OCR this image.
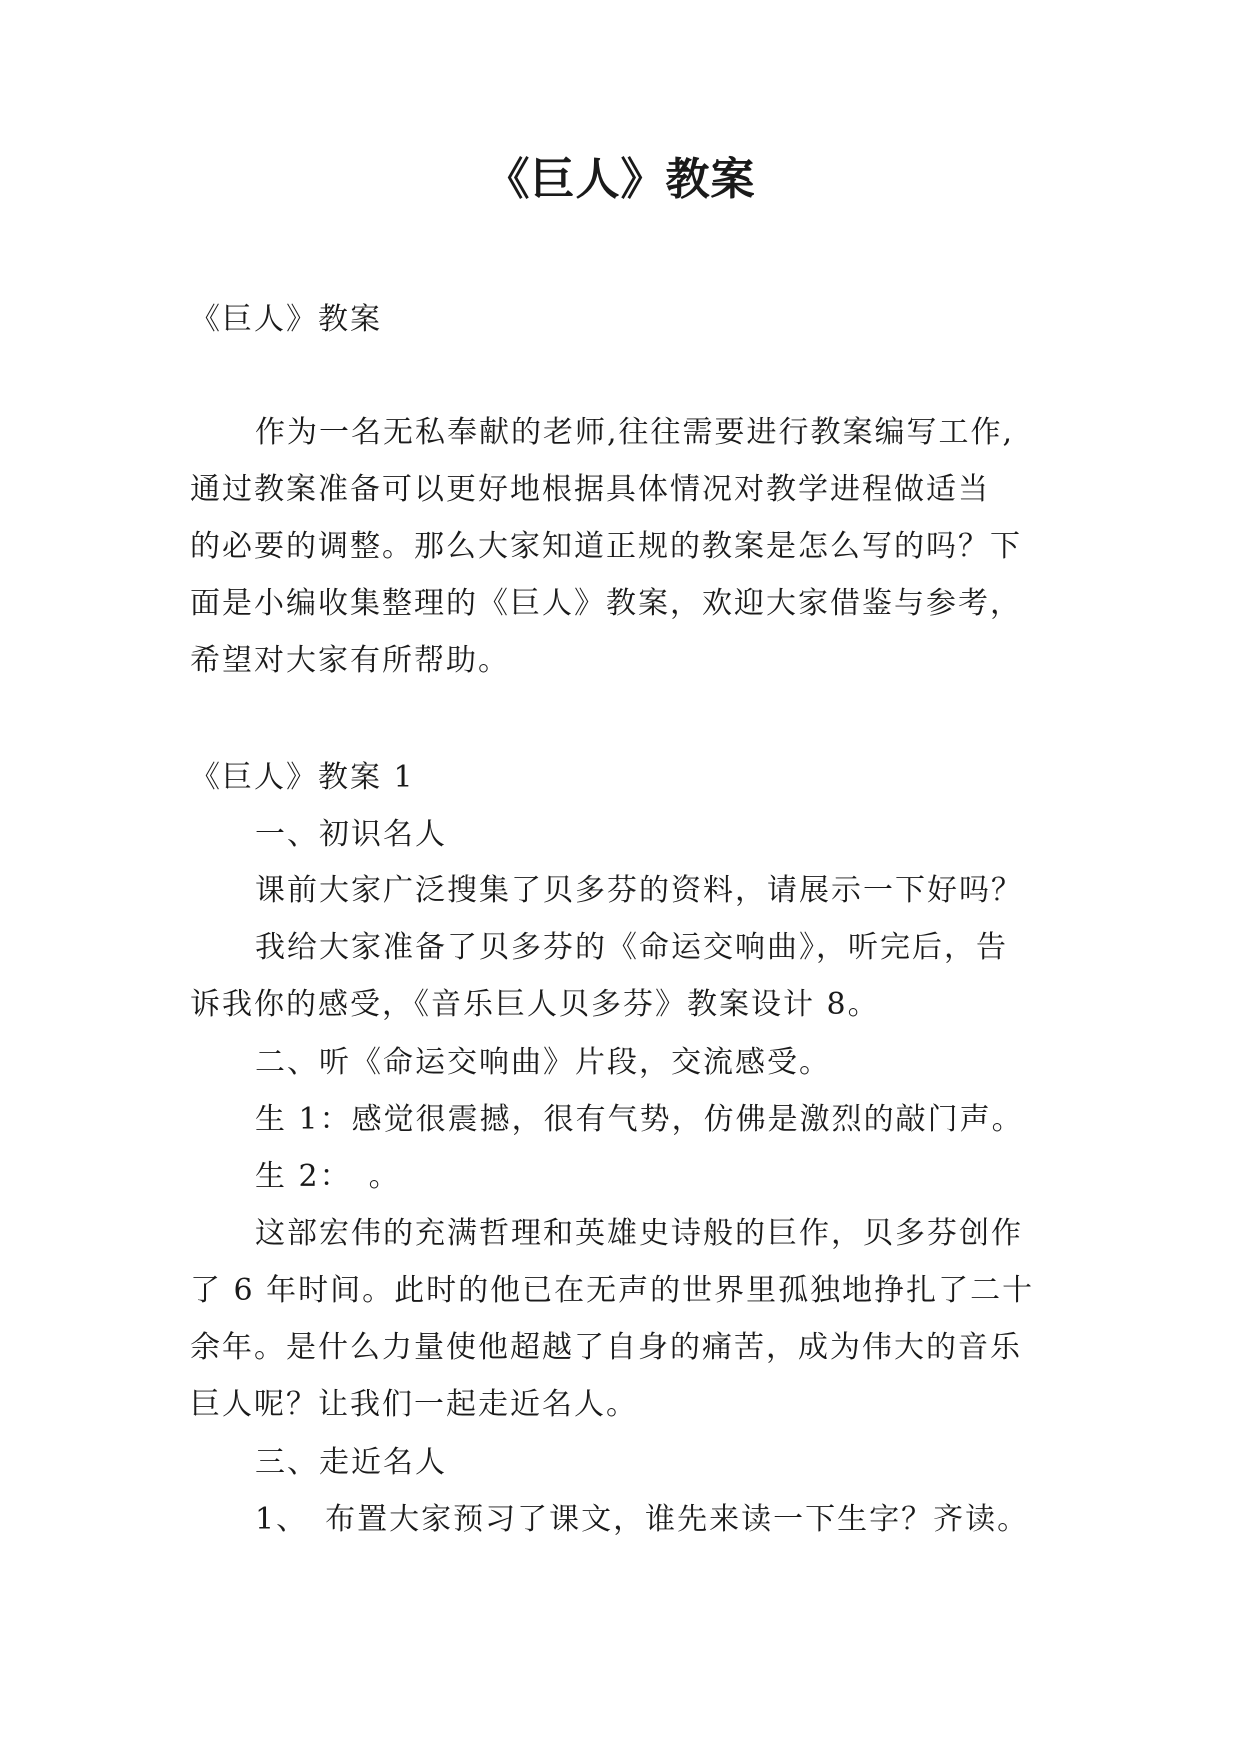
《巨人》教案
《巨人》教案
作为一名无私奉献的老师,往往需要进行教案编写工作,
通过教案准备可以更好地根据具体情况对教学进程做适当
的必要的调整。那么大家知道正规的教案是怎么写的吗？下
面是小编收集整理的《巨人》教案，欢迎大家借鉴与参考，
希望对大家有所帮助。
《巨人》教案 1
一、初识名人
课前大家广泛搜集了贝多芬的资料，请展示一下好吗？
我给大家准备了贝多芬的《命运交响曲》，听完后，告
诉我你的感受，《音乐巨人贝多芬》教案设计 8。
二、听《命运交响曲》片段，交流感受。
生 1：感觉很震撼，很有气势，仿佛是激烈的敲门声。
生 2：　。
这部宏伟的充满哲理和英雄史诗般的巨作，贝多芬创作
了 6 年时间。此时的他已在无声的世界里孤独地挣扎了二十
余年。是什么力量使他超越了自身的痛苦，成为伟大的音乐
巨人呢？让我们一起走近名人。
三、走近名人
1、　布置大家预习了课文，谁先来读一下生字？齐读。
